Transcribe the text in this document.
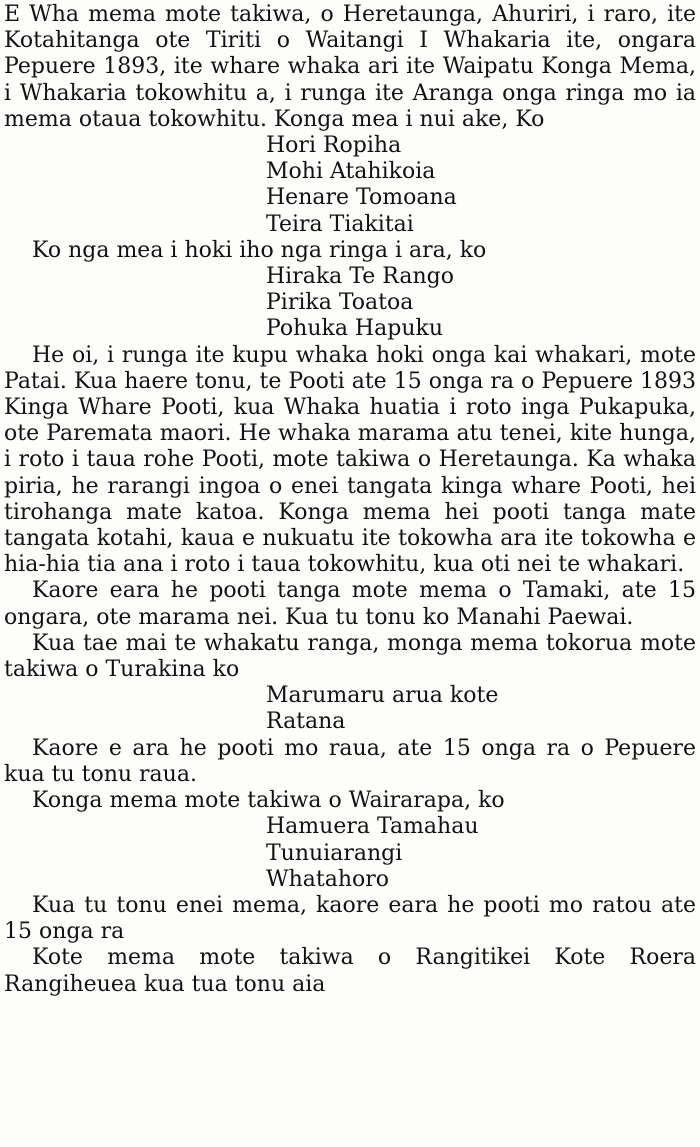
E Wha mema mote takiwa, o Heretaunga, Ahuriri, i raro, ite Kotahitanga ote Tiriti o Waitangi I Whakaria ite, ongara Pepuere 1893, ite whare whaka ari ite Waipatu Konga Mema, i Whakaria tokowhitu a, i runga ite Aranga onga ringa mo ia mema otaua tokowhitu. Konga mea i nui ake, Ko

Hori Ropiha
Mohi Atahikoia
Henare Tomoana
Teira Tiakitai

Ko nga mea i hoki iho nga ringa i ara, ko

Hiraka Te Rango
Pirika Toatoa
Pohuka Hapuku

He oi, i runga ite kupu whaka hoki onga kai whakari, mote Patai. Kua haere tonu, te Pooti ate 15 onga ra o Pepuere 1893 Kinga Whare Pooti, kua Whaka huatia i roto inga Pukapuka, ote Paremata maori. He whaka marama atu tenei, kite hunga, i roto i taua rohe Pooti, mote takiwa o Heretaunga. Ka whaka piria, he rarangi ingoa o enei tangata kinga whare Pooti, hei tirohanga mate katoa. Konga mema hei pooti tanga mate tangata kotahi, kaua e nukuatu ite tokowha ara ite tokowha e hia-hia tia ana i roto i taua tokowhitu, kua oti nei te whakari.

Kaore eara he pooti tanga mote mema o Tamaki, ate 15 ongara, ote marama nei. Kua tu tonu ko Manahi Paewai.

Kua tae mai te whakatu ranga, monga mema tokorua mote takiwa o Turakina ko

Marumaru arua kote
Ratana

Kaore e ara he pooti mo raua, ate 15 onga ra o Pepuere kua tu tonu raua.

Konga mema mote takiwa o Wairarapa, ko

Hamuera Tamahau
Tunuiarangi
Whatahoro

Kua tu tonu enei mema, kaore eara he pooti mo ratou ate 15 onga ra

Kote mema mote takiwa o Rangitikei Kote Roera Rangiheuea kua tua tonu aia
